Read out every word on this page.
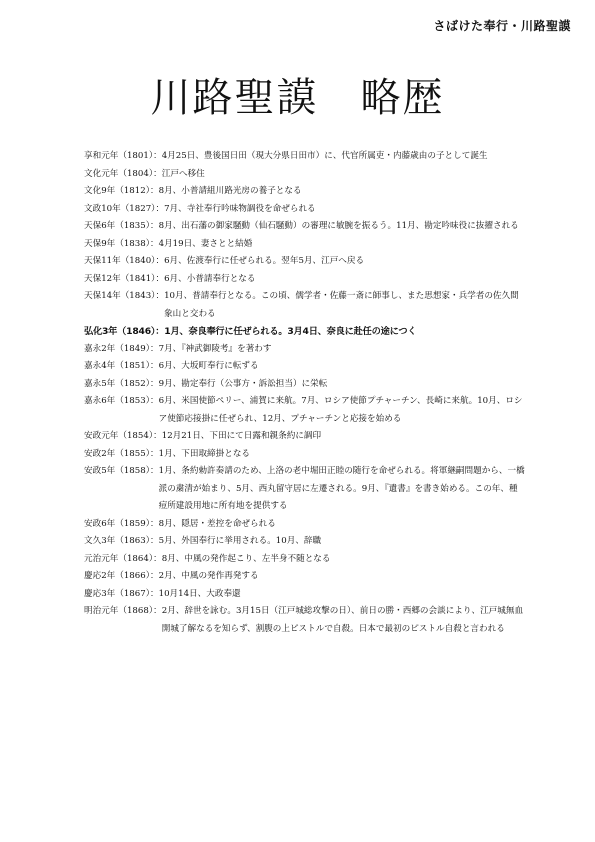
さばけた奉行・川路聖謨
川路聖謨　略歴
享和元年（1801）： 4月25日、豊後国日田（現大分県日田市）に、代官所属吏・内藤歳由の子として誕生
文化元年（1804）： 江戸へ移住
文化9年（1812）： 8月、小普請組川路光房の養子となる
文政10年（1827）： 7月、寺社奉行吟味物調役を命ぜられる
天保6年（1835）： 8月、出石藩の御家騒動（仙石騒動）の審理に敏腕を振るう。11月、勘定吟味役に抜擢される
天保9年（1838）： 4月19日、妻さとと結婚
天保11年（1840）： 6月、佐渡奉行に任ぜられる。翌年5月、江戸へ戻る
天保12年（1841）： 6月、小普請奉行となる
天保14年（1843）： 10月、普請奉行となる。この頃、儒学者・佐藤一斎に師事し、また思想家・兵学者の佐久間象山と交わる
弘化3年（1846）： 1月、奈良奉行に任ぜられる。3月4日、奈良に赴任の途につく
嘉永2年（1849）： 7月、『神武御陵考』を著わす
嘉永4年（1851）： 6月、大坂町奉行に転ずる
嘉永5年（1852）： 9月、勘定奉行（公事方・訴訟担当）に栄転
嘉永6年（1853）： 6月、米国使節ペリー、浦賀に来航。7月、ロシア使節プチャーチン、長崎に来航。10月、ロシア使節応接掛に任ぜられ、12月、プチャーチンと応接を始める
安政元年（1854）： 12月21日、下田にて日露和親条約に調印
安政2年（1855）： 1月、下田取締掛となる
安政5年（1858）： 1月、条約勅許奏請のため、上洛の老中堀田正睦の随行を命ぜられる。将軍継嗣問題から、一橋派の粛清が始まり、5月、西丸留守居に左遷される。9月、『遺書』を書き始める。この年、種痘所建設用地に所有地を提供する
安政6年（1859）： 8月、隠居・差控を命ぜられる
文久3年（1863）： 5月、外国奉行に挙用される。10月、辞職
元治元年（1864）： 8月、中風の発作起こり、左半身不随となる
慶応2年（1866）： 2月、中風の発作再発する
慶応3年（1867）： 10月14日、大政奉還
明治元年（1868）： 2月、辞世を詠む。3月15日（江戸城総攻撃の日）、前日の勝・西郷の会談により、江戸城無血開城了解なるを知らず、割腹の上ピストルで自殺。日本で最初のピストル自殺と言われる
